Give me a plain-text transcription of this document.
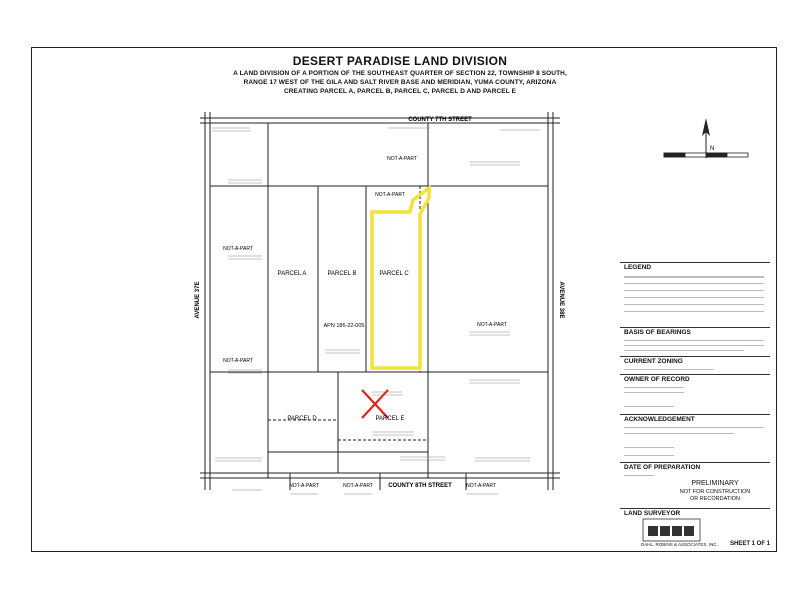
DESERT PARADISE LAND DIVISION
A LAND DIVISION OF A PORTION OF THE SOUTHEAST QUARTER OF SECTION 22, TOWNSHIP 8 SOUTH,
RANGE 17 WEST OF THE GILA AND SALT RIVER BASE AND MERIDIAN, YUMA COUNTY, ARIZONA
CREATING PARCEL A, PARCEL B, PARCEL C, PARCEL D AND PARCEL E
COUNTY 7TH STREET
COUNTY 8TH STREET
AVENUE 37E	AVENUE 38E
PARCEL A	PARCEL B	PARCEL C
PARCEL D	PARCEL E
APN 186-22-005
NOT-A-PART
NOT-A-PART
NOT-A-PART
NOT-A-PART
NOT-A-PART
NOT-A-PART	NOT-A-PART	NOT-A-PART
N
LEGEND
BASIS OF BEARINGS
CURRENT ZONING
OWNER OF RECORD
ACKNOWLEDGEMENT
DATE OF PREPARATION
PRELIMINARY
NOT FOR CONSTRUCTION
OR RECORDATION
LAND SURVEYOR
DAHL, ROBINS & ASSOCIATES, INC. SHEET 1 OF 1
